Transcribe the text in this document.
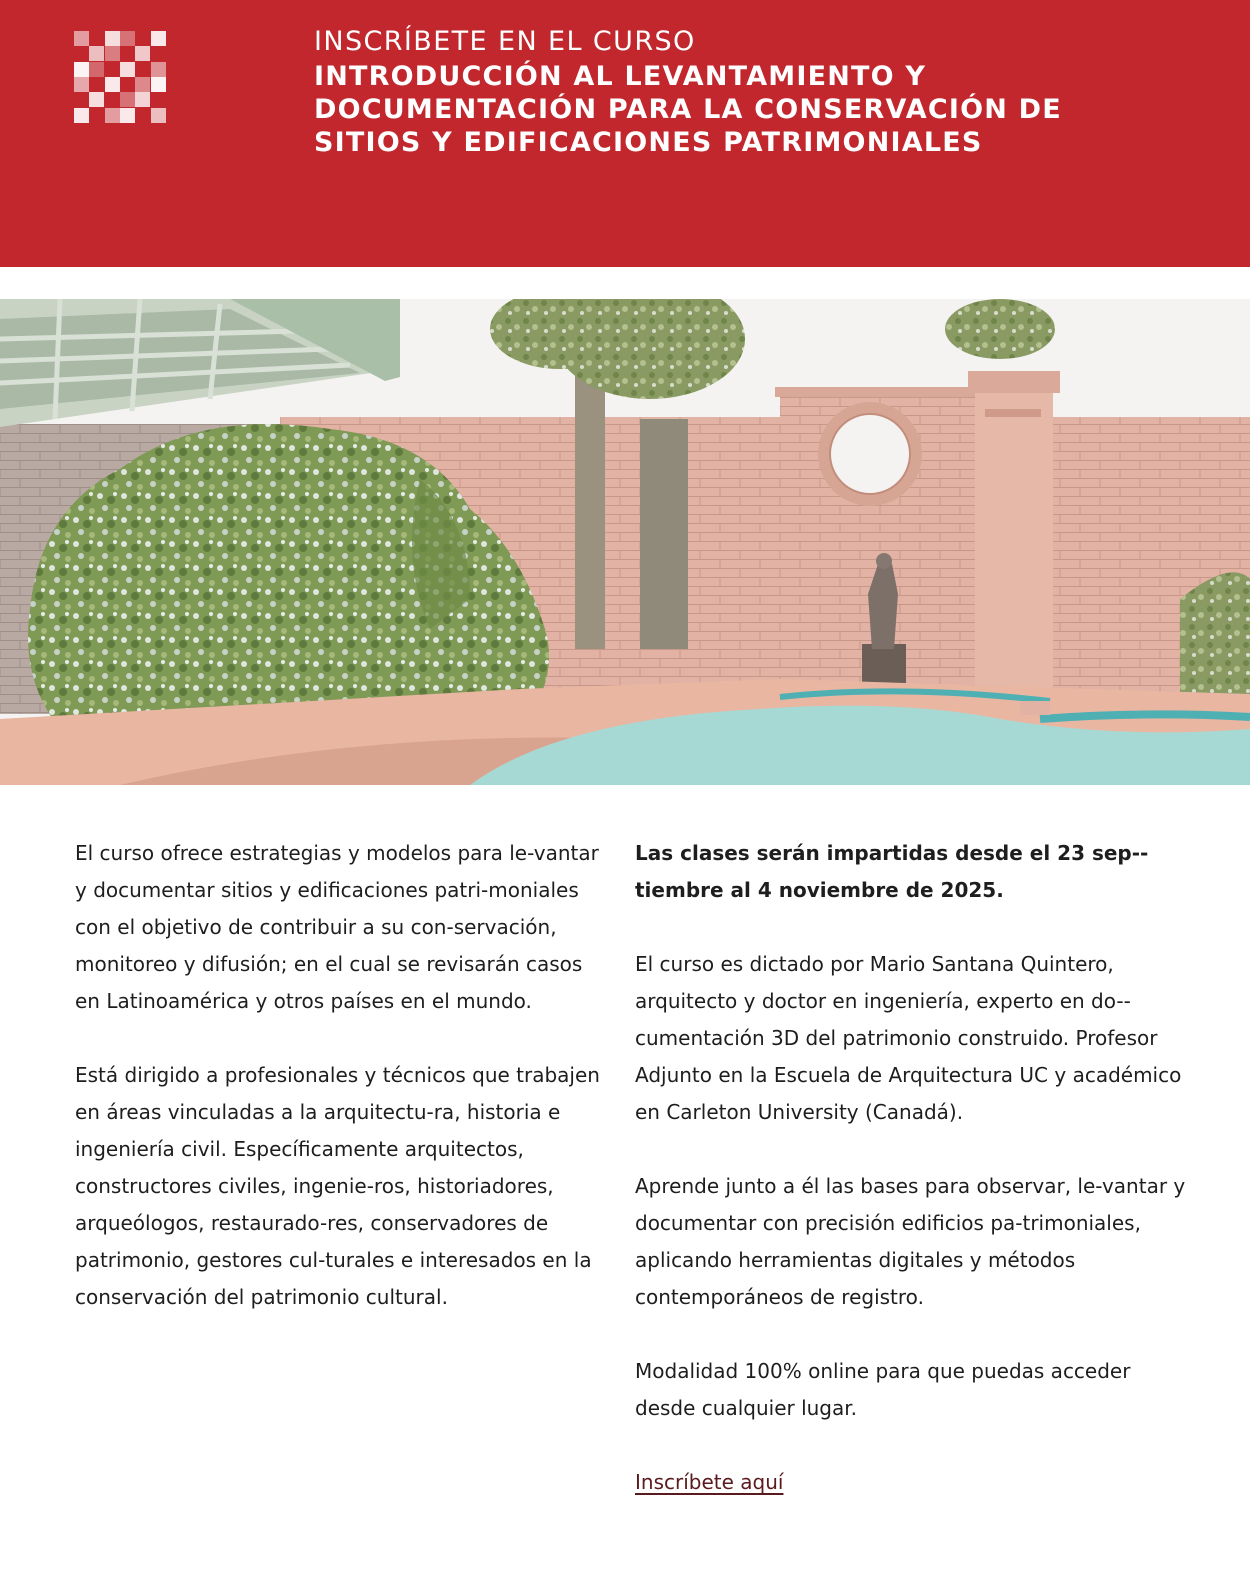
INSCRÍBETE EN EL CURSO
INTRODUCCIÓN AL LEVANTAMIENTO Y
DOCUMENTACIÓN PARA LA CONSERVACIÓN DE
SITIOS Y EDIFICACIONES PATRIMONIALES

El curso ofrece estrategias y modelos para le-vantar y documentar sitios y edificaciones patri-moniales con el objetivo de contribuir a su con-servación, monitoreo y difusión; en el cual se revisarán casos en Latinoamérica y otros países en el mundo.

Está dirigido a profesionales y técnicos que trabajen en áreas vinculadas a la arquitectu-ra, historia e ingeniería civil. Específicamente arquitectos, constructores civiles, ingenie-ros, historiadores, arqueólogos, restaurado-res, conservadores de patrimonio, gestores cul-turales e interesados en la conservación del patrimonio cultural.

Las clases serán impartidas desde el 23 sep-tiembre al 4 noviembre de 2025.

El curso es dictado por Mario Santana Quintero, arquitecto y doctor en ingeniería, experto en do-cumentación 3D del patrimonio construido. Profesor Adjunto en la Escuela de Arquitectura UC y académico en Carleton University (Canadá).

Aprende junto a él las bases para observar, le-vantar y documentar con precisión edificios pa-trimoniales, aplicando herramientas digitales y métodos contemporáneos de registro.

Modalidad 100% online para que puedas acceder desde cualquier lugar.

Inscríbete aquí
